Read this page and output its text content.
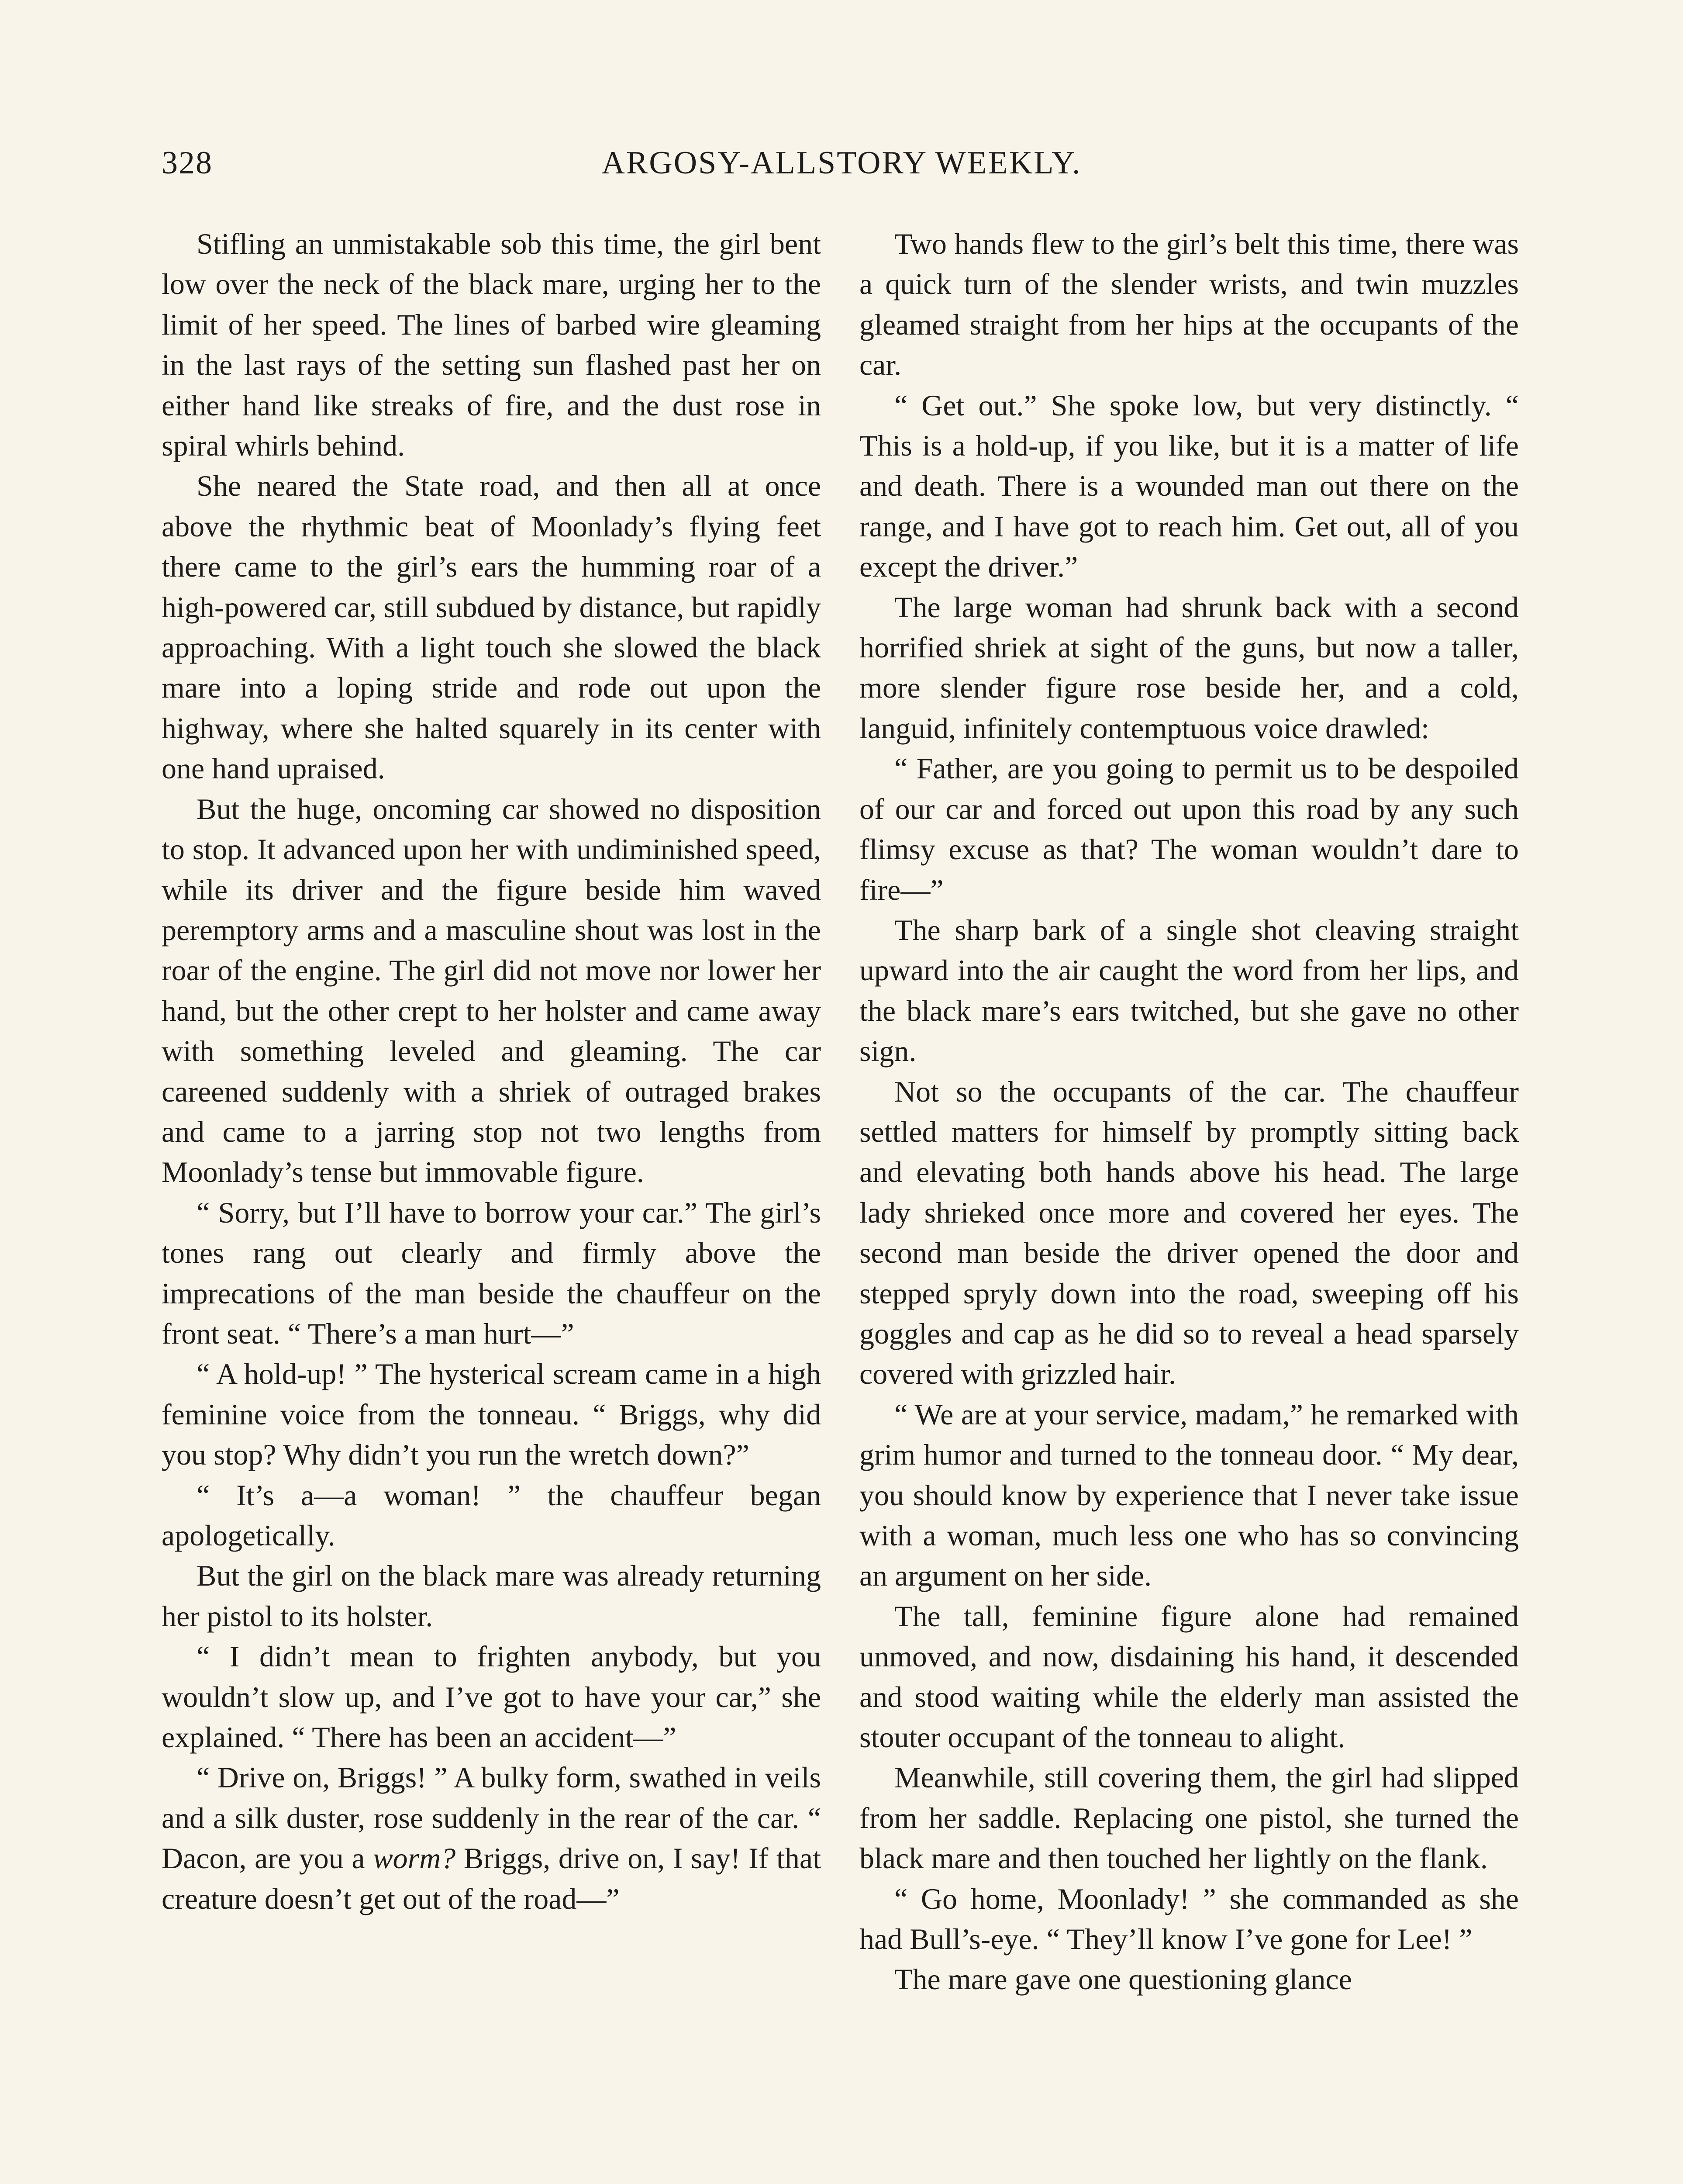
328	ARGOSY-ALLSTORY WEEKLY.

Stifling an unmistakable sob this time, the girl bent low over the neck of the black mare, urging her to the limit of her speed. The lines of barbed wire gleaming in the last rays of the setting sun flashed past her on either hand like streaks of fire, and the dust rose in spiral whirls behind.

She neared the State road, and then all at once above the rhythmic beat of Moonlady’s flying feet there came to the girl’s ears the humming roar of a high-powered car, still subdued by distance, but rapidly approaching. With a light touch she slowed the black mare into a loping stride and rode out upon the highway, where she halted squarely in its center with one hand upraised.

But the huge, oncoming car showed no disposition to stop. It advanced upon her with undiminished speed, while its driver and the figure beside him waved peremptory arms and a masculine shout was lost in the roar of the engine. The girl did not move nor lower her hand, but the other crept to her holster and came away with something leveled and gleaming. The car careened suddenly with a shriek of outraged brakes and came to a jarring stop not two lengths from Moonlady’s tense but immovable figure.

“ Sorry, but I’ll have to borrow your car.” The girl’s tones rang out clearly and firmly above the imprecations of the man beside the chauffeur on the front seat. “ There’s a man hurt—”

“ A hold-up! ” The hysterical scream came in a high feminine voice from the tonneau. “ Briggs, why did you stop? Why didn’t you run the wretch down?”

“ It’s a—a woman! ” the chauffeur began apologetically.

But the girl on the black mare was already returning her pistol to its holster.

“ I didn’t mean to frighten anybody, but you wouldn’t slow up, and I’ve got to have your car,” she explained. “ There has been an accident—”

“ Drive on, Briggs! ” A bulky form, swathed in veils and a silk duster, rose suddenly in the rear of the car. “ Dacon, are you a worm? Briggs, drive on, I say! If that creature doesn’t get out of the road—”

Two hands flew to the girl’s belt this time, there was a quick turn of the slender wrists, and twin muzzles gleamed straight from her hips at the occupants of the car.

“ Get out.” She spoke low, but very distinctly. “ This is a hold-up, if you like, but it is a matter of life and death. There is a wounded man out there on the range, and I have got to reach him. Get out, all of you except the driver.”

The large woman had shrunk back with a second horrified shriek at sight of the guns, but now a taller, more slender figure rose beside her, and a cold, languid, infinitely contemptuous voice drawled:

“ Father, are you going to permit us to be despoiled of our car and forced out upon this road by any such flimsy excuse as that? The woman wouldn’t dare to fire—”

The sharp bark of a single shot cleaving straight upward into the air caught the word from her lips, and the black mare’s ears twitched, but she gave no other sign.

Not so the occupants of the car. The chauffeur settled matters for himself by promptly sitting back and elevating both hands above his head. The large lady shrieked once more and covered her eyes. The second man beside the driver opened the door and stepped spryly down into the road, sweeping off his goggles and cap as he did so to reveal a head sparsely covered with grizzled hair.

“ We are at your service, madam,” he remarked with grim humor and turned to the tonneau door. “ My dear, you should know by experience that I never take issue with a woman, much less one who has so convincing an argument on her side.

The tall, feminine figure alone had remained unmoved, and now, disdaining his hand, it descended and stood waiting while the elderly man assisted the stouter occupant of the tonneau to alight.

Meanwhile, still covering them, the girl had slipped from her saddle. Replacing one pistol, she turned the black mare and then touched her lightly on the flank.

“ Go home, Moonlady! ” she commanded as she had Bull’s-eye. “ They’ll know I’ve gone for Lee! ”

The mare gave one questioning glance
